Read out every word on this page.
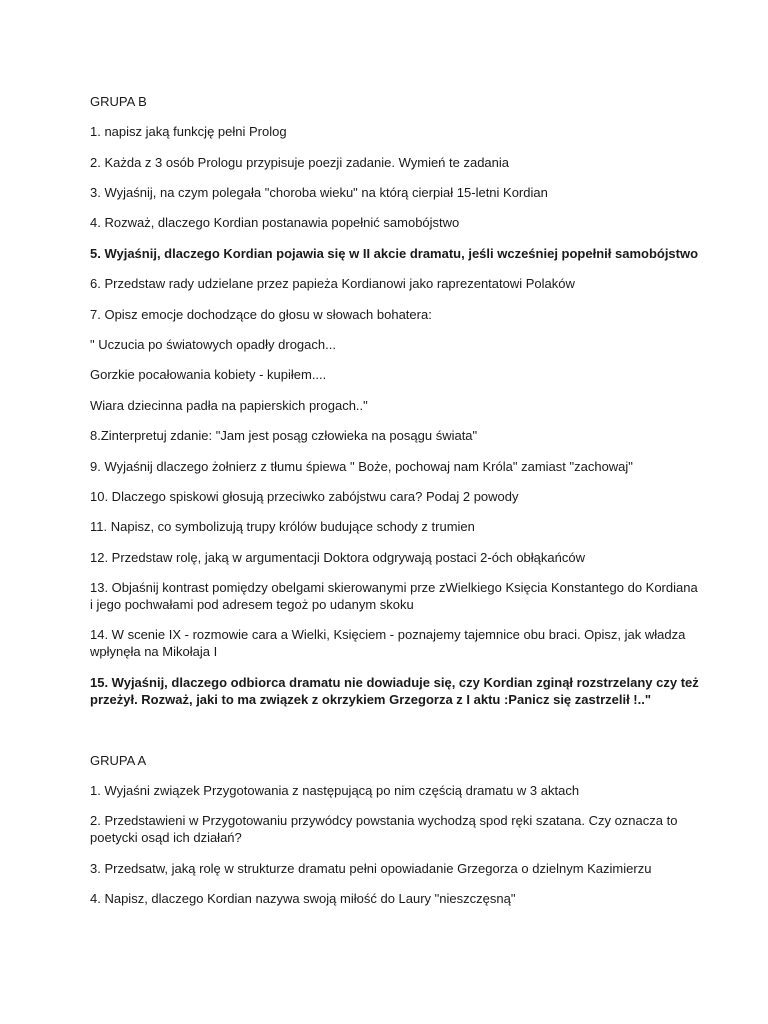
GRUPA B

1. napisz jaką funkcję pełni Prolog

2. Każda z 3 osób Prologu przypisuje poezji zadanie. Wymień te zadania

3. Wyjaśnij, na czym polegała "choroba wieku" na którą cierpiał 15-letni Kordian

4. Rozważ, dlaczego Kordian postanawia popełnić samobójstwo

5. Wyjaśnij, dlaczego Kordian pojawia się w II akcie dramatu, jeśli wcześniej popełnił samobójstwo

6. Przedstaw rady udzielane przez papieża Kordianowi jako raprezentatowi Polaków

7. Opisz emocje dochodzące do głosu w słowach bohatera:

" Uczucia po światowych opadły drogach...

Gorzkie pocałowania kobiety - kupiłem....

Wiara dziecinna padła na papierskich progach.."

8.Zinterpretuj zdanie: "Jam jest posąg człowieka na posągu świata"

9. Wyjaśnij dlaczego żołnierz z tłumu śpiewa " Boże, pochowaj nam Króla" zamiast "zachowaj"

10. Dlaczego spiskowi głosują przeciwko zabójstwu cara? Podaj 2 powody

11. Napisz, co symbolizują trupy królów budujące schody z trumien

12. Przedstaw rolę, jaką w argumentacji Doktora odgrywają postaci 2-óch obłąkańców

13. Objaśnij kontrast pomiędzy obelgami skierowanymi prze zWielkiego Księcia Konstantego do Kordiana

i jego pochwałami pod adresem tegoż po udanym skoku

14. W scenie IX - rozmowie cara a Wielki, Księciem - poznajemy tajemnice obu braci. Opisz, jak władza

wpłynęła na Mikołaja I

15. Wyjaśnij, dlaczego odbiorca dramatu nie dowiaduje się, czy Kordian zginął rozstrzelany czy też

przeżył. Rozważ, jaki to ma związek z okrzykiem Grzegorza z I aktu :Panicz się zastrzelił !.."

GRUPA A

1. Wyjaśni związek Przygotowania z następującą po nim częścią dramatu w 3 aktach

2. Przedstawieni w Przygotowaniu przywódcy powstania wychodzą spod ręki szatana. Czy oznacza to

poetycki osąd ich działań?

3. Przedsatw, jaką rolę w strukturze dramatu pełni opowiadanie Grzegorza o dzielnym Kazimierzu

4. Napisz, dlaczego Kordian nazywa swoją miłość do Laury "nieszczęsną"
